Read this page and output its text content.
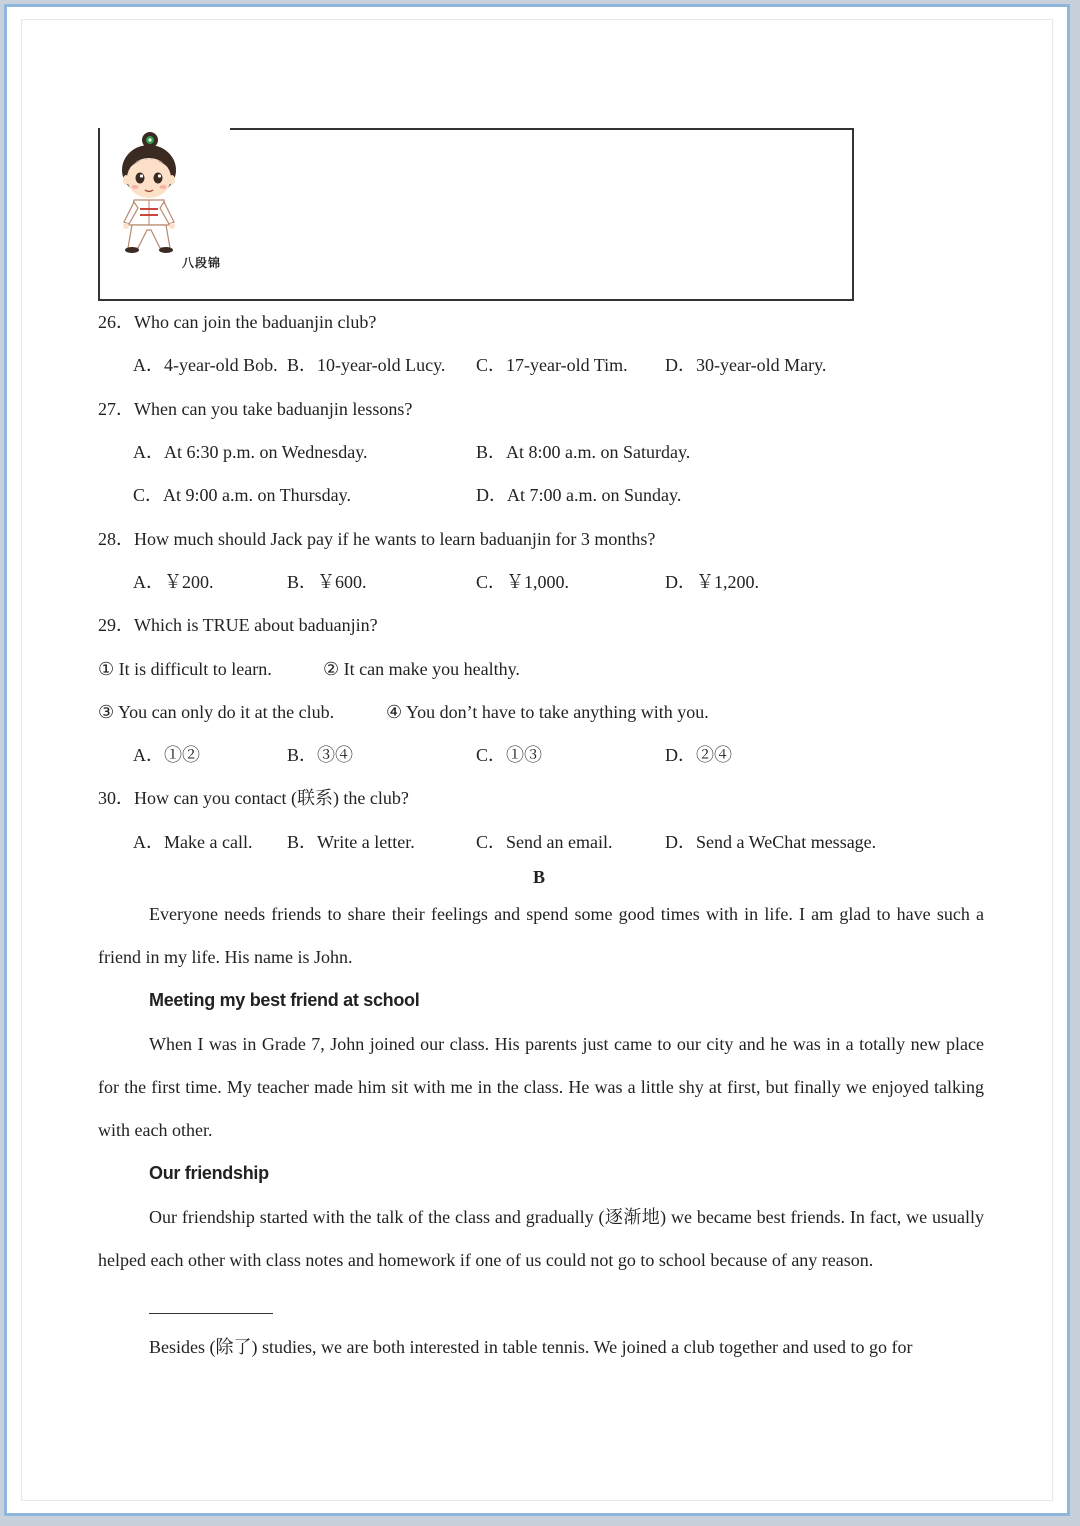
八段锦
26．Who can join the baduanjin club?
A．4-year-old Bob. B．10-year-old Lucy. C．17-year-old Tim. D．30-year-old Mary.
27．When can you take baduanjin lessons?
A．At 6:30 p.m. on Wednesday.	B．At 8:00 a.m. on Saturday.
C．At 9:00 a.m. on Thursday.	D．At 7:00 a.m. on Sunday.
28．How much should Jack pay if he wants to learn baduanjin for 3 months?
A．￥200.	B．￥600.	C．￥1,000.	D．￥1,200.
29．Which is TRUE about baduanjin?
① It is difficult to learn.	② It can make you healthy.
③ You can only do it at the club.	④ You don’t have to take anything with you.
A．①②	B．③④	C．①③	D．②④
30．How can you contact (联系) the club?
A．Make a call. B．Write a letter.	C．Send an email.	D．Send a WeChat message.
B
Everyone needs friends to share their feelings and spend some good times with in life. I am glad to have such a friend in my life. His name is John.
Meeting my best friend at school
When I was in Grade 7, John joined our class. His parents just came to our city and he was in a totally new place for the first time. My teacher made him sit with me in the class. He was a little shy at first, but finally we enjoyed talking with each other.
Our friendship
Our friendship started with the talk of the class and gradually (逐渐地) we became best friends. In fact, we usually helped each other with class notes and homework if one of us could not go to school because of any reason.
Besides (除了) studies, we are both interested in table tennis. We joined a club together and used to go for
